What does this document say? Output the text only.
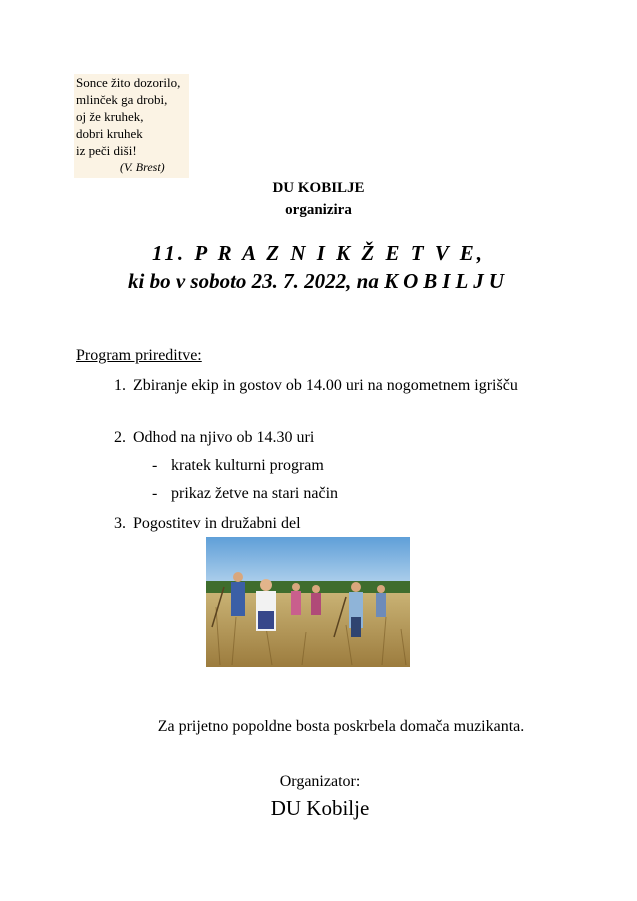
Sonce žito dozorilo,
mlinček ga drobi,
oj že kruhek,
dobri kruhek
iz peči diši!
(V. Brest)
DU KOBILJE
organizira
11. P R A Z N I K Ž E T V E,
ki bo v soboto 23. 7. 2022, na KOBILJU
Program prireditve:
1. Zbiranje ekip in gostov ob 14.00 uri na nogometnem igrišču
2. Odhod na njivo ob 14.30 uri
- kratek kulturni program
- prikaz žetve na stari način
3. Pogostitev in družabni del
Za prijetno popoldne bosta poskrbela domača muzikanta.
Organizator:
DU Kobilje
